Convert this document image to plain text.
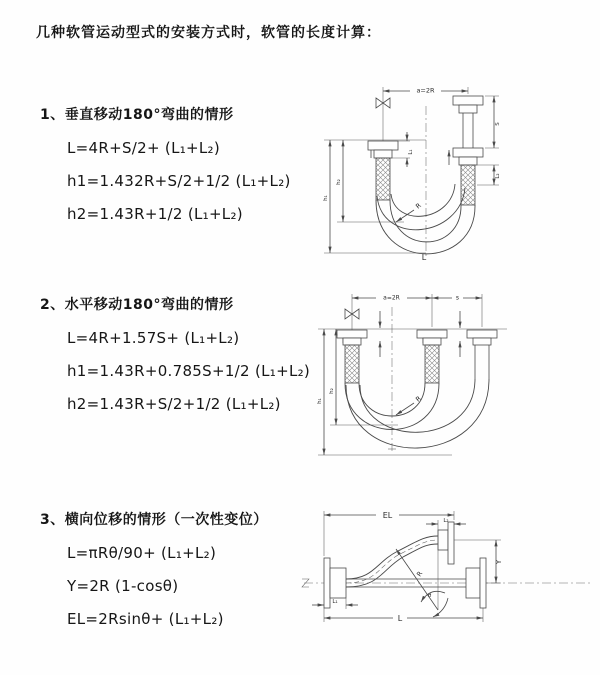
几种软管运动型式的安装方式时，软管的长度计算：
1、垂直移动180°弯曲的情形
L=4R+S/2+ (L₁+L₂)
h1=1.432R+S/2+1/2 (L₁+L₂)
h2=1.43R+1/2 (L₁+L₂)
a=2R
L₁
S
L₂
h₁
h₂
R
L
2、水平移动180°弯曲的情形
L=4R+1.57S+ (L₁+L₂)
h1=1.43R+0.785S+1/2 (L₁+L₂)
h2=1.43R+S/2+1/2 (L₁+L₂)
a=2R	s
h₁
h₂
R
3、横向位移的情形（一次性变位）
L=πRθ/90+ (L₁+L₂)
Y=2R (1-cosθ)
EL=2Rsinθ+ (L₁+L₂)
EL
L₂
Y
R
θ
L
L₁
